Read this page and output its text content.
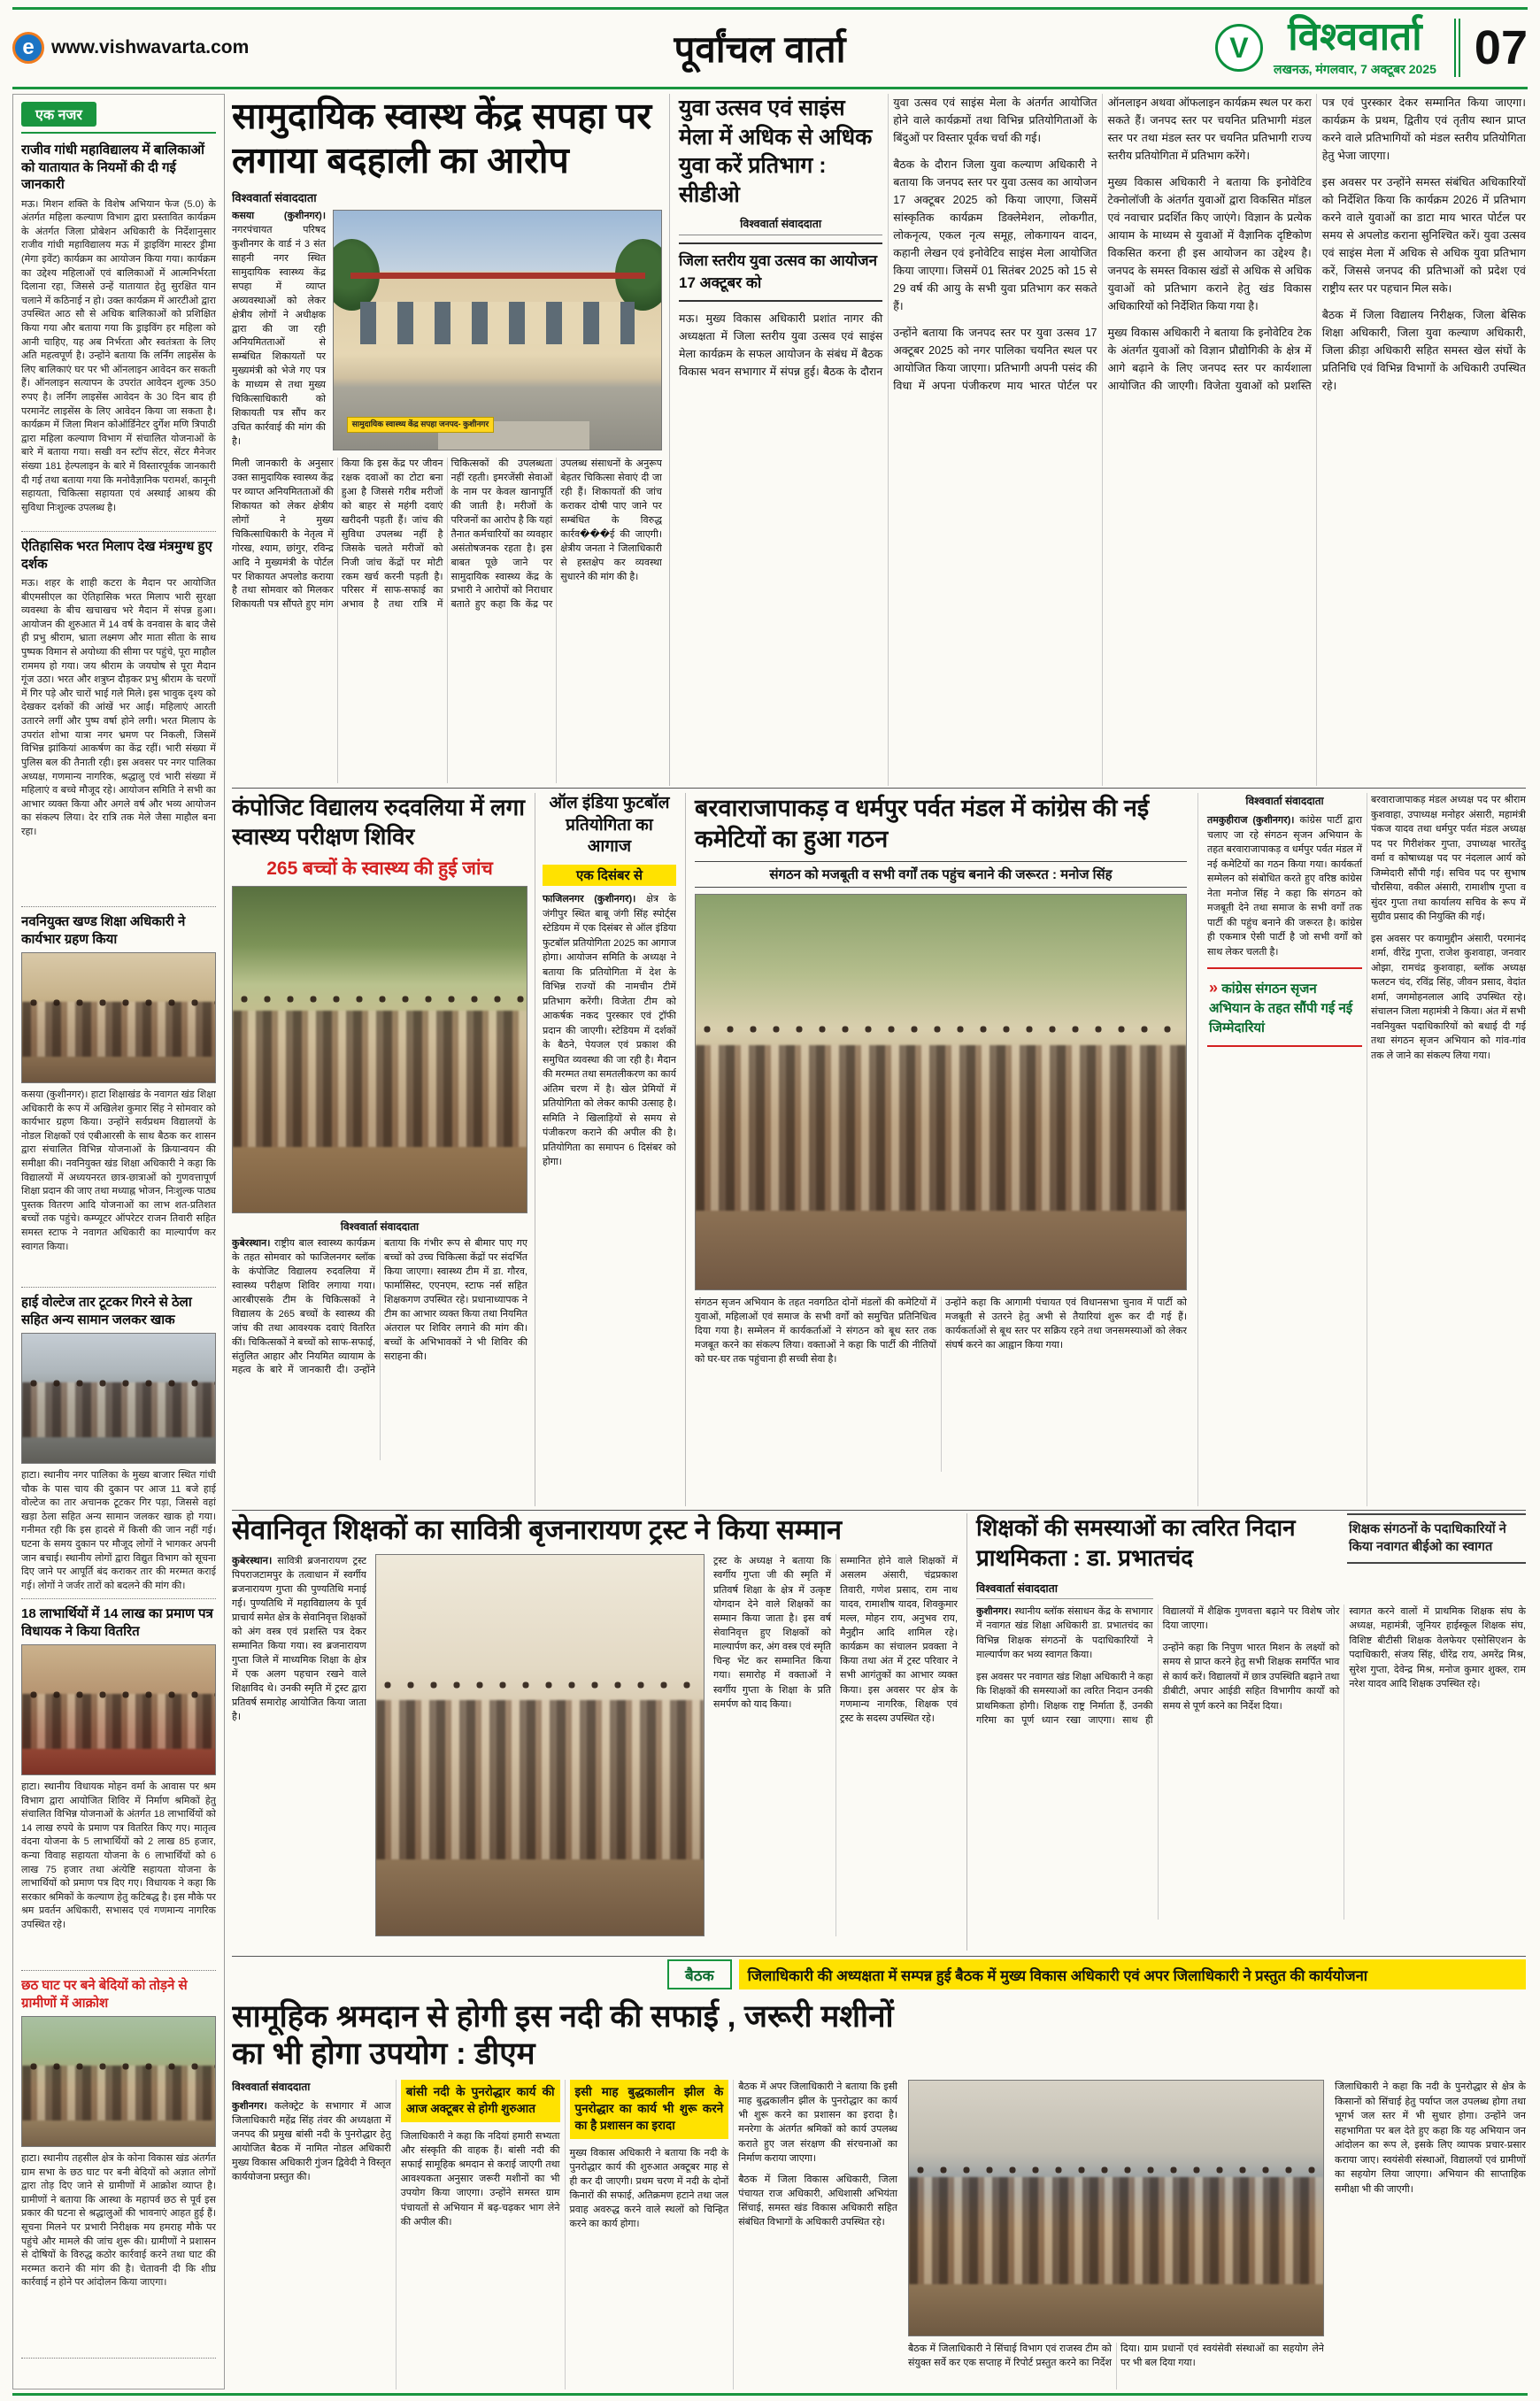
e www.vishwavarta.com	पूर्वांचल वार्ता	V	विश्ववार्ता
लखनऊ, मंगलवार, 7 अक्टूबर 2025 07
एक नजर
राजीव गांधी महाविद्यालय में बालिकाओं को यातायात के नियमों की दी गई जानकारी
मऊ। मिशन शक्ति के विशेष अभियान फेज (5.0) के अंतर्गत महिला कल्याण विभाग द्वारा प्रस्तावित कार्यक्रम के अंतर्गत जिला प्रोबेशन अधिकारी के निर्देशानुसार राजीव गांधी महाविद्यालय मऊ में ड्राइविंग मास्टर ड्रीमा (मेगा इवेंट) कार्यक्रम का आयोजन किया गया। कार्यक्रम का उद्देश्य महिलाओं एवं बालिकाओं में आत्मनिर्भरता दिलाना रहा, जिससे उन्हें यातायात हेतु सुरक्षित यान चलाने में कठिनाई न हो। उक्त कार्यक्रम में आरटीओ द्वारा उपस्थित आठ सौ से अधिक बालिकाओं को प्रशिक्षित किया गया और बताया गया कि ड्राइविंग हर महिला को आनी चाहिए, यह अब निर्भरता और स्वतंत्रता के लिए अति महत्वपूर्ण है। उन्होंने बताया कि लर्निंग लाइसेंस के लिए बालिकाएं घर पर भी ऑनलाइन आवेदन कर सकती हैं। ऑनलाइन सत्यापन के उपरांत आवेदन शुल्क 350 रुपए है। लर्निंग लाइसेंस आवेदन के 30 दिन बाद ही परमानेंट लाइसेंस के लिए आवेदन किया जा सकता है। कार्यक्रम में जिला मिशन कोऑर्डिनेटर दुर्गेश मणि त्रिपाठी द्वारा महिला कल्याण विभाग में संचालित योजनाओं के बारे में बताया गया। सखी वन स्टॉप सेंटर, सेंटर मैनेजर संख्या 181 हेल्पलाइन के बारे में विस्तारपूर्वक जानकारी दी गई तथा बताया गया कि मनोवैज्ञानिक परामर्श, कानूनी सहायता, चिकित्सा सहायता एवं अस्थाई आश्रय की सुविधा निःशुल्क उपलब्ध है।
ऐतिहासिक भरत मिलाप देख मंत्रमुग्ध हुए दर्शक
मऊ। शहर के शाही कटरा के मैदान पर आयोजित बीएमसीएल का ऐतिहासिक भरत मिलाप भारी सुरक्षा व्यवस्था के बीच खचाखच भरे मैदान में संपन्न हुआ। आयोजन की शुरुआत में 14 वर्ष के वनवास के बाद जैसे ही प्रभु श्रीराम, भ्राता लक्ष्मण और माता सीता के साथ पुष्पक विमान से अयोध्या की सीमा पर पहुंचे, पूरा माहौल राममय हो गया। जय श्रीराम के जयघोष से पूरा मैदान गूंज उठा। भरत और शत्रुघ्न दौड़कर प्रभु श्रीराम के चरणों में गिर पड़े और चारों भाई गले मिले। इस भावुक दृश्य को देखकर दर्शकों की आंखें भर आईं। महिलाएं आरती उतारने लगीं और पुष्प वर्षा होने लगी। भरत मिलाप के उपरांत शोभा यात्रा नगर भ्रमण पर निकली, जिसमें विभिन्न झांकियां आकर्षण का केंद्र रहीं। भारी संख्या में पुलिस बल की तैनाती रही। इस अवसर पर नगर पालिका अध्यक्ष, गणमान्य नागरिक, श्रद्धालु एवं भारी संख्या में महिलाएं व बच्चे मौजूद रहे। आयोजन समिति ने सभी का आभार व्यक्त किया और अगले वर्ष और भव्य आयोजन का संकल्प लिया। देर रात्रि तक मेले जैसा माहौल बना रहा।
नवनियुक्त खण्ड शिक्षा अधिकारी ने कार्यभार ग्रहण किया
कसया (कुशीनगर)। हाटा शिक्षाखंड के नवागत खंड शिक्षा अधिकारी के रूप में अखिलेश कुमार सिंह ने सोमवार को कार्यभार ग्रहण किया। उन्होंने सर्वप्रथम विद्यालयों के नोडल शिक्षकों एवं एबीआरसी के साथ बैठक कर शासन द्वारा संचालित विभिन्न योजनाओं के क्रियान्वयन की समीक्षा की। नवनियुक्त खंड शिक्षा अधिकारी ने कहा कि विद्यालयों में अध्ययनरत छात्र-छात्राओं को गुणवत्तापूर्ण शिक्षा प्रदान की जाए तथा मध्याह्न भोजन, निःशुल्क पाठ्य पुस्तक वितरण आदि योजनाओं का लाभ शत-प्रतिशत बच्चों तक पहुंचे। कम्प्यूटर ऑपरेटर राजन तिवारी सहित समस्त स्टाफ ने नवागत अधिकारी का माल्यार्पण कर स्वागत किया।
हाई वोल्टेज तार टूटकर गिरने से ठेला सहित अन्य सामान जलकर खाक
हाटा। स्थानीय नगर पालिका के मुख्य बाजार स्थित गांधी चौक के पास चाय की दुकान पर आज 11 बजे हाई वोल्टेज का तार अचानक टूटकर गिर पड़ा, जिससे वहां खड़ा ठेला सहित अन्य सामान जलकर खाक हो गया। गनीमत रही कि इस हादसे में किसी की जान नहीं गई। घटना के समय दुकान पर मौजूद लोगों ने भागकर अपनी जान बचाई। स्थानीय लोगों द्वारा विद्युत विभाग को सूचना दिए जाने पर आपूर्ति बंद कराकर तार की मरम्मत कराई गई। लोगों ने जर्जर तारों को बदलने की मांग की।
18 लाभार्थियों में 14 लाख का प्रमाण पत्र विधायक ने किया वितरित
हाटा। स्थानीय विधायक मोहन वर्मा के आवास पर श्रम विभाग द्वारा आयोजित शिविर में निर्माण श्रमिकों हेतु संचालित विभिन्न योजनाओं के अंतर्गत 18 लाभार्थियों को 14 लाख रुपये के प्रमाण पत्र वितरित किए गए। मातृत्व वंदना योजना के 5 लाभार्थियों को 2 लाख 85 हजार, कन्या विवाह सहायता योजना के 6 लाभार्थियों को 6 लाख 75 हजार तथा अंत्येष्टि सहायता योजना के लाभार्थियों को प्रमाण पत्र दिए गए। विधायक ने कहा कि सरकार श्रमिकों के कल्याण हेतु कटिबद्ध है। इस मौके पर श्रम प्रवर्तन अधिकारी, सभासद एवं गणमान्य नागरिक उपस्थित रहे।
छठ घाट पर बने बेदियों को तोड़ने से ग्रामीणों में आक्रोश
हाटा। स्थानीय तहसील क्षेत्र के कोना विकास खंड अंतर्गत ग्राम सभा के छठ घाट पर बनी बेदियों को अज्ञात लोगों द्वारा तोड़ दिए जाने से ग्रामीणों में आक्रोश व्याप्त है। ग्रामीणों ने बताया कि आस्था के महापर्व छठ से पूर्व इस प्रकार की घटना से श्रद्धालुओं की भावनाएं आहत हुई हैं। सूचना मिलने पर प्रभारी निरीक्षक मय हमराह मौके पर पहुंचे और मामले की जांच शुरू की। ग्रामीणों ने प्रशासन से दोषियों के विरुद्ध कठोर कार्रवाई करने तथा घाट की मरम्मत कराने की मांग की है। चेतावनी दी कि शीघ्र कार्रवाई न होने पर आंदोलन किया जाएगा।
सामुदायिक स्वास्थ केंद्र सपहा पर लगाया बदहाली का आरोप
विश्ववार्ता संवाददाता

कसया (कुशीनगर)। नगरपंचायत परिषद कुशीनगर के वार्ड नं 3 संत साहनी नगर स्थित सामुदायिक स्वास्थ्य केंद्र सपहा में व्याप्त अव्यवस्थाओं को लेकर क्षेत्रीय लोगों ने अधीक्षक द्वारा की जा रही अनियमितताओं से सम्बंधित शिकायतों पर मुख्यमंत्री को भेजे गए पत्र के माध्यम से तथा मुख्य चिकित्साधिकारी को शिकायती पत्र सौंप कर उचित कार्रवाई की मांग की है।

सामुदायिक स्वास्थ्य केंद्र सपहा जनपद- कुशीनगर
मिली जानकारी के अनुसार उक्त सामुदायिक स्वास्थ्य केंद्र पर व्याप्त अनियमितताओं की शिकायत को लेकर क्षेत्रीय लोगों ने मुख्य चिकित्साधिकारी के नेतृत्व में गोरख, श्याम, छांगुर, रविन्द्र आदि ने मुख्यमंत्री के पोर्टल पर शिकायत अपलोड कराया है तथा सोमवार को मिलकर शिकायती पत्र सौंपते हुए मांग किया कि इस केंद्र पर जीवन रक्षक दवाओं का टोटा बना हुआ है जिससे गरीब मरीजों को बाहर से महंगी दवाएं खरीदनी पड़ती हैं। जांच की सुविधा उपलब्ध नहीं है जिसके चलते मरीजों को निजी जांच केंद्रों पर मोटी रकम खर्च करनी पड़ती है। परिसर में साफ-सफाई का अभाव है तथा रात्रि में चिकित्सकों की उपलब्धता नहीं रहती। इमरजेंसी सेवाओं के नाम पर केवल खानापूर्ति की जाती है। मरीजों के परिजनों का आरोप है कि यहां तैनात कर्मचारियों का व्यवहार असंतोषजनक रहता है। इस बाबत पूछे जाने पर सामुदायिक स्वास्थ्य केंद्र के प्रभारी ने आरोपों को निराधार बताते हुए कहा कि केंद्र पर उपलब्ध संसाधनों के अनुरूप बेहतर चिकित्सा सेवाएं दी जा रही हैं। शिकायतों की जांच कराकर दोषी पाए जाने पर सम्बंधित के विरुद्ध कार्रव���ई की जाएगी। क्षेत्रीय जनता ने जिलाधिकारी से हस्तक्षेप कर व्यवस्था सुधारने की मांग की है।
युवा उत्सव एवं साइंस मेला में अधिक से अधिक युवा करें प्रतिभाग : सीडीओ
विश्ववार्ता संवाददाता
जिला स्तरीय युवा उत्सव का आयोजन 17 अक्टूबर को

मऊ। मुख्य विकास अधिकारी प्रशांत नागर की अध्यक्षता में जिला स्तरीय युवा उत्सव एवं साइंस मेला कार्यक्रम के सफल आयोजन के संबंध में बैठक विकास भवन सभागार में संपन्न हुई। बैठक के दौरान युवा उत्सव एवं साइंस मेला के अंतर्गत आयोजित होने वाले कार्यक्रमों तथा विभिन्न प्रतियोगिताओं के बिंदुओं पर विस्तार पूर्वक चर्चा की गई।

बैठक के दौरान जिला युवा कल्याण अधिकारी ने बताया कि जनपद स्तर पर युवा उत्सव का आयोजन 17 अक्टूबर 2025 को किया जाएगा, जिसमें सांस्कृतिक कार्यक्रम डिक्लेमेशन, लोकगीत, लोकनृत्य, एकल नृत्य समूह, लोकगायन वादन, कहानी लेखन एवं इनोवेटिव साइंस मेला आयोजित किया जाएगा। जिसमें 01 सितंबर 2025 को 15 से 29 वर्ष की आयु के सभी युवा प्रतिभाग कर सकते हैं।

उन्होंने बताया कि जनपद स्तर पर युवा उत्सव 17 अक्टूबर 2025 को नगर पालिका चयनित स्थल पर आयोजित किया जाएगा। प्रतिभागी अपनी पसंद की विधा में अपना पंजीकरण माय भारत पोर्टल पर ऑनलाइन अथवा ऑफलाइन कार्यक्रम स्थल पर करा सकते हैं। जनपद स्तर पर चयनित प्रतिभागी मंडल स्तर पर तथा मंडल स्तर पर चयनित प्रतिभागी राज्य स्तरीय प्रतियोगिता में प्रतिभाग करेंगे।

मुख्य विकास अधिकारी ने बताया कि इनोवेटिव टेक्नोलॉजी के अंतर्गत युवाओं द्वारा विकसित मॉडल एवं नवाचार प्रदर्शित किए जाएंगे। विज्ञान के प्रत्येक आयाम के माध्यम से युवाओं में वैज्ञानिक दृष्टिकोण विकसित करना ही इस आयोजन का उद्देश्य है। जनपद के समस्त विकास खंडों से अधिक से अधिक युवाओं को प्रतिभाग कराने हेतु खंड विकास अधिकारियों को निर्देशित किया गया है।

मुख्य विकास अधिकारी ने बताया कि इनोवेटिव टेक के अंतर्गत युवाओं को विज्ञान प्रौद्योगिकी के क्षेत्र में आगे बढ़ाने के लिए जनपद स्तर पर कार्यशाला आयोजित की जाएगी। विजेता युवाओं को प्रशस्ति पत्र एवं पुरस्कार देकर सम्मानित किया जाएगा। कार्यक्रम के प्रथम, द्वितीय एवं तृतीय स्थान प्राप्त करने वाले प्रतिभागियों को मंडल स्तरीय प्रतियोगिता हेतु भेजा जाएगा।

इस अवसर पर उन्होंने समस्त संबंधित अधिकारियों को निर्देशित किया कि कार्यक्रम 2026 में प्रतिभाग करने वाले युवाओं का डाटा माय भारत पोर्टल पर समय से अपलोड कराना सुनिश्चित करें। युवा उत्सव एवं साइंस मेला में अधिक से अधिक युवा प्रतिभाग करें, जिससे जनपद की प्रतिभाओं को प्रदेश एवं राष्ट्रीय स्तर पर पहचान मिल सके।

बैठक में जिला विद्यालय निरीक्षक, जिला बेसिक शिक्षा अधिकारी, जिला युवा कल्याण अधिकारी, जिला क्रीड़ा अधिकारी सहित समस्त खेल संघों के प्रतिनिधि एवं विभिन्न विभागों के अधिकारी उपस्थित रहे।

कंपोजिट विद्यालय रुदवलिया में लगा स्वास्थ्य परीक्षण शिविर
265 बच्चों के स्वास्थ्य की हुई जांच
विश्ववार्ता संवाददाता

कुबेरस्थान। राष्ट्रीय बाल स्वास्थ्य कार्यक्रम के तहत सोमवार को फाजिलनगर ब्लॉक के कंपोजिट विद्यालय रुदवलिया में स्वास्थ्य परीक्षण शिविर लगाया गया। आरबीएसके टीम के चिकित्सकों ने विद्यालय के 265 बच्चों के स्वास्थ्य की जांच की तथा आवश्यक दवाएं वितरित कीं। चिकित्सकों ने बच्चों को साफ-सफाई, संतुलित आहार और नियमित व्यायाम के महत्व के बारे में जानकारी दी। उन्होंने बताया कि गंभीर रूप से बीमार पाए गए बच्चों को उच्च चिकित्सा केंद्रों पर संदर्भित किया जाएगा। स्वास्थ्य टीम में डा. गौरव, फार्मासिस्ट, एएनएम, स्टाफ नर्स सहित शिक्षकगण उपस्थित रहे। प्रधानाध्यापक ने टीम का आभार व्यक्त किया तथा नियमित अंतराल पर शिविर लगाने की मांग की। बच्चों के अभिभावकों ने भी शिविर की सराहना की।

ऑल इंडिया फुटबॉल प्रतियोगिता का आगाज
एक दिसंबर से

फाजिलनगर (कुशीनगर)। क्षेत्र के जंगीपुर स्थित बाबू जंगी सिंह स्पोर्ट्स स्टेडियम में एक दिसंबर से ऑल इंडिया फुटबॉल प्रतियोगिता 2025 का आगाज होगा। आयोजन समिति के अध्यक्ष ने बताया कि प्रतियोगिता में देश के विभिन्न राज्यों की नामचीन टीमें प्रतिभाग करेंगी। विजेता टीम को आकर्षक नकद पुरस्कार एवं ट्रॉफी प्रदान की जाएगी। स्टेडियम में दर्शकों के बैठने, पेयजल एवं प्रकाश की समुचित व्यवस्था की जा रही है। मैदान की मरम्मत तथा समतलीकरण का कार्य अंतिम चरण में है। खेल प्रेमियों में प्रतियोगिता को लेकर काफी उत्साह है। समिति ने खिलाड़ियों से समय से पंजीकरण कराने की अपील की है। प्रतियोगिता का समापन 6 दिसंबर को होगा।

बरवाराजापाकड़ व धर्मपुर पर्वत मंडल में कांग्रेस की नई कमेटियों का हुआ गठन
संगठन को मजबूती व सभी वर्गों तक पहुंच बनाने की जरूरत : मनोज सिंह

संगठन सृजन अभियान के तहत नवगठित दोनों मंडलों की कमेटियों में युवाओं, महिलाओं एवं समाज के सभी वर्गों को समुचित प्रतिनिधित्व दिया गया है। सम्मेलन में कार्यकर्ताओं ने संगठन को बूथ स्तर तक मजबूत करने का संकल्प लिया। वक्ताओं ने कहा कि पार्टी की नीतियों को घर-घर तक पहुंचाना ही सच्ची सेवा है।

उन्होंने कहा कि आगामी पंचायत एवं विधानसभा चुनाव में पार्टी को मजबूती से उतरने हेतु अभी से तैयारियां शुरू कर दी गई हैं। कार्यकर्ताओं से बूथ स्तर पर सक्रिय रहने तथा जनसमस्याओं को लेकर संघर्ष करने का आह्वान किया गया।

विश्ववार्ता संवाददाता

तमकुहीराज (कुशीनगर)। कांग्रेस पार्टी द्वारा चलाए जा रहे संगठन सृजन अभियान के तहत बरवाराजापाकड़ व धर्मपुर पर्वत मंडल में नई कमेटियों का गठन किया गया। कार्यकर्ता सम्मेलन को संबोधित करते हुए वरिष्ठ कांग्रेस नेता मनोज सिंह ने कहा कि संगठन को मजबूती देने तथा समाज के सभी वर्गों तक पार्टी की पहुंच बनाने की जरूरत है। कांग्रेस ही एकमात्र ऐसी पार्टी है जो सभी वर्गों को साथ लेकर चलती है।

» कांग्रेस संगठन सृजन अभियान के तहत सौंपी गई नई जिम्मेदारियां

बरवाराजापाकड़ मंडल अध्यक्ष पद पर श्रीराम कुशवाहा, उपाध्यक्ष मनोहर अंसारी, महामंत्री पंकज यादव तथा धर्मपुर पर्वत मंडल अध्यक्ष पद पर गिरीशंकर गुप्ता, उपाध्यक्ष भारतेंदु वर्मा व कोषाध्यक्ष पद पर नंदलाल आर्य को जिम्मेदारी सौंपी गई। सचिव पद पर सुभाष चौरसिया, वकील अंसारी, रामाशीष गुप्ता व सुंदर गुप्ता तथा कार्यालय सचिव के रूप में सुग्रीव प्रसाद की नियुक्ति की गई।

इस अवसर पर कयामुद्दीन अंसारी, परमानंद शर्मा, वीरेंद्र गुप्ता, राजेश कुशवाहा, जनवार ओझा, रामचंद्र कुशवाहा, ब्लॉक अध्यक्ष फलटन चंद, रविंद्र सिंह, जीवन प्रसाद, वेदांत शर्मा, जगमोहनलाल आदि उपस्थित रहे। संचालन जिला महामंत्री ने किया। अंत में सभी नवनियुक्त पदाधिकारियों को बधाई दी गई तथा संगठन सृजन अभियान को गांव-गांव तक ले जाने का संकल्प लिया गया।

सेवानिवृत शिक्षकों का सावित्री बृजनारायण ट्रस्ट ने किया सम्मान

कुबेरस्थान। सावित्री ब्रजनारायण ट्रस्ट पिपराजटामपुर के तत्वाधान में स्वर्गीय ब्रजनारायण गुप्ता की पुण्यतिथि मनाई गई। पुण्यतिथि में महाविद्यालय के पूर्व प्राचार्य समेत क्षेत्र के सेवानिवृत्त शिक्षकों को अंग वस्त्र एवं प्रशस्ति पत्र देकर सम्मानित किया गया। स्व ब्रजनारायण गुप्ता जिले में माध्यमिक शिक्षा के क्षेत्र में एक अलग पहचान रखने वाले शिक्षाविद थे। उनकी स्मृति में ट्रस्ट द्वारा प्रतिवर्ष समारोह आयोजित किया जाता है।

ट्रस्ट के अध्यक्ष ने बताया कि स्वर्गीय गुप्ता जी की स्मृति में प्रतिवर्ष शिक्षा के क्षेत्र में उत्कृष्ट योगदान देने वाले शिक्षकों का सम्मान किया जाता है। इस वर्ष सेवानिवृत्त हुए शिक्षकों को माल्यार्पण कर, अंग वस्त्र एवं स्मृति चिन्ह भेंट कर सम्मानित किया गया। समारोह में वक्ताओं ने स्वर्गीय गुप्ता के शिक्षा के प्रति समर्पण को याद किया।

सम्मानित होने वाले शिक्षकों में असलम अंसारी, चंद्रप्रकाश तिवारी, गणेश प्रसाद, राम नाथ यादव, रामाशीष यादव, शिवकुमार मल्ल, मोहन राय, अनुभव राय, मैनुद्दीन आदि शामिल रहे। कार्यक्रम का संचालन प्रवक्ता ने किया तथा अंत में ट्रस्ट परिवार ने सभी आगंतुकों का आभार व्यक्त किया। इस अवसर पर क्षेत्र के गणमान्य नागरिक, शिक्षक एवं ट्रस्ट के सदस्य उपस्थित रहे।

शिक्षकों की समस्याओं का त्वरित निदान प्राथमिकता : डा. प्रभातचंद
शिक्षक संगठनों के पदाधिकारियों ने किया नवागत बीईओ का स्वागत
विश्ववार्ता संवाददाता

कुशीनगर। स्थानीय ब्लॉक संसाधन केंद्र के सभागार में नवागत खंड शिक्षा अधिकारी डा. प्रभातचंद का विभिन्न शिक्षक संगठनों के पदाधिकारियों ने माल्यार्पण कर भव्य स्वागत किया।

इस अवसर पर नवागत खंड शिक्षा अधिकारी ने कहा कि शिक्षकों की समस्याओं का त्वरित निदान उनकी प्राथमिकता होगी। शिक्षक राष्ट्र निर्माता हैं, उनकी गरिमा का पूर्ण ध्यान रखा जाएगा। साथ ही विद्यालयों में शैक्षिक गुणवत्ता बढ़ाने पर विशेष जोर दिया जाएगा।

उन्होंने कहा कि निपुण भारत मिशन के लक्ष्यों को समय से प्राप्त करने हेतु सभी शिक्षक समर्पित भाव से कार्य करें। विद्यालयों में छात्र उपस्थिति बढ़ाने तथा डीबीटी, अपार आईडी सहित विभागीय कार्यों को समय से पूर्ण करने का निर्देश दिया।

स्वागत करने वालों में प्राथमिक शिक्षक संघ के अध्यक्ष, महामंत्री, जूनियर हाईस्कूल शिक्षक संघ, विशिष्ट बीटीसी शिक्षक वेलफेयर एसोसिएशन के पदाधिकारी, संजय सिंह, धीरेंद्र राय, अमरेंद्र मिश्र, सुरेश गुप्ता, देवेन्द्र मिश्र, मनोज कुमार शुक्ल, राम नरेश यादव आदि शिक्षक उपस्थित रहे।

बैठक	जिलाधिकारी की अध्यक्षता में सम्पन्न हुई बैठक में मुख्य विकास अधिकारी एवं अपर जिलाधिकारी ने प्रस्तुत की कार्ययोजना
सामूहिक श्रमदान से होगी इस नदी की सफाई , जरूरी मशीनों का भी होगा उपयोग : डीएम
विश्ववार्ता संवाददाता

कुशीनगर। कलेक्ट्रेट के सभागार में आज जिलाधिकारी महेंद्र सिंह तंवर की अध्यक्षता में जनपद की प्रमुख बांसी नदी के पुनरोद्धार हेतु आयोजित बैठक में नामित नोडल अधिकारी मुख्य विकास अधिकारी गुंजन द्विवेदी ने विस्तृत कार्ययोजना प्रस्तुत की।

बांसी नदी के पुनरोद्धार कार्य की आज अक्टूबर से होगी शुरुआत

जिलाधिकारी ने कहा कि नदियां हमारी सभ्यता और संस्कृति की वाहक हैं। बांसी नदी की सफाई सामूहिक श्रमदान से कराई जाएगी तथा आवश्यकता अनुसार जरूरी मशीनों का भी उपयोग किया जाएगा। उन्होंने समस्त ग्राम पंचायतों से अभियान में बढ़-चढ़कर भाग लेने की अपील की।

इसी माह बुद्धकालीन झील के पुनरोद्धार का कार्य भी शुरू करने का है प्रशासन का इरादा

मुख्य विकास अधिकारी ने बताया कि नदी के पुनरोद्धार कार्य की शुरुआत अक्टूबर माह से ही कर दी जाएगी। प्रथम चरण में नदी के दोनों किनारों की सफाई, अतिक्रमण हटाने तथा जल प्रवाह अवरुद्ध करने वाले स्थलों को चिन्हित करने का कार्य होगा।

बैठक में अपर जिलाधिकारी ने बताया कि इसी माह बुद्धकालीन झील के पुनरोद्धार का कार्य भी शुरू करने का प्रशासन का इरादा है। मनरेगा के अंतर्गत श्रमिकों को कार्य उपलब्ध कराते हुए जल संरक्षण की संरचनाओं का निर्माण कराया जाएगा।

बैठक में जिला विकास अधिकारी, जिला पंचायत राज अधिकारी, अधिशासी अभियंता सिंचाई, समस्त खंड विकास अधिकारी सहित संबंधित विभागों के अधिकारी उपस्थित रहे।

बैठक में जिलाधिकारी ने सिंचाई विभाग एवं राजस्व टीम को संयुक्त सर्वे कर एक सप्ताह में रिपोर्ट प्रस्तुत करने का निर्देश दिया। ग्राम प्रधानों एवं स्वयंसेवी संस्थाओं का सहयोग लेने पर भी बल दिया गया।
जिलाधिकारी ने कहा कि नदी के पुनरोद्धार से क्षेत्र के किसानों को सिंचाई हेतु पर्याप्त जल उपलब्ध होगा तथा भूगर्भ जल स्तर में भी सुधार होगा। उन्होंने जन सहभागिता पर बल देते हुए कहा कि यह अभियान जन आंदोलन का रूप ले, इसके लिए व्यापक प्रचार-प्रसार कराया जाए। स्वयंसेवी संस्थाओं, विद्यालयों एवं ग्रामीणों का सहयोग लिया जाएगा। अभियान की साप्ताहिक समीक्षा भी की जाएगी।
